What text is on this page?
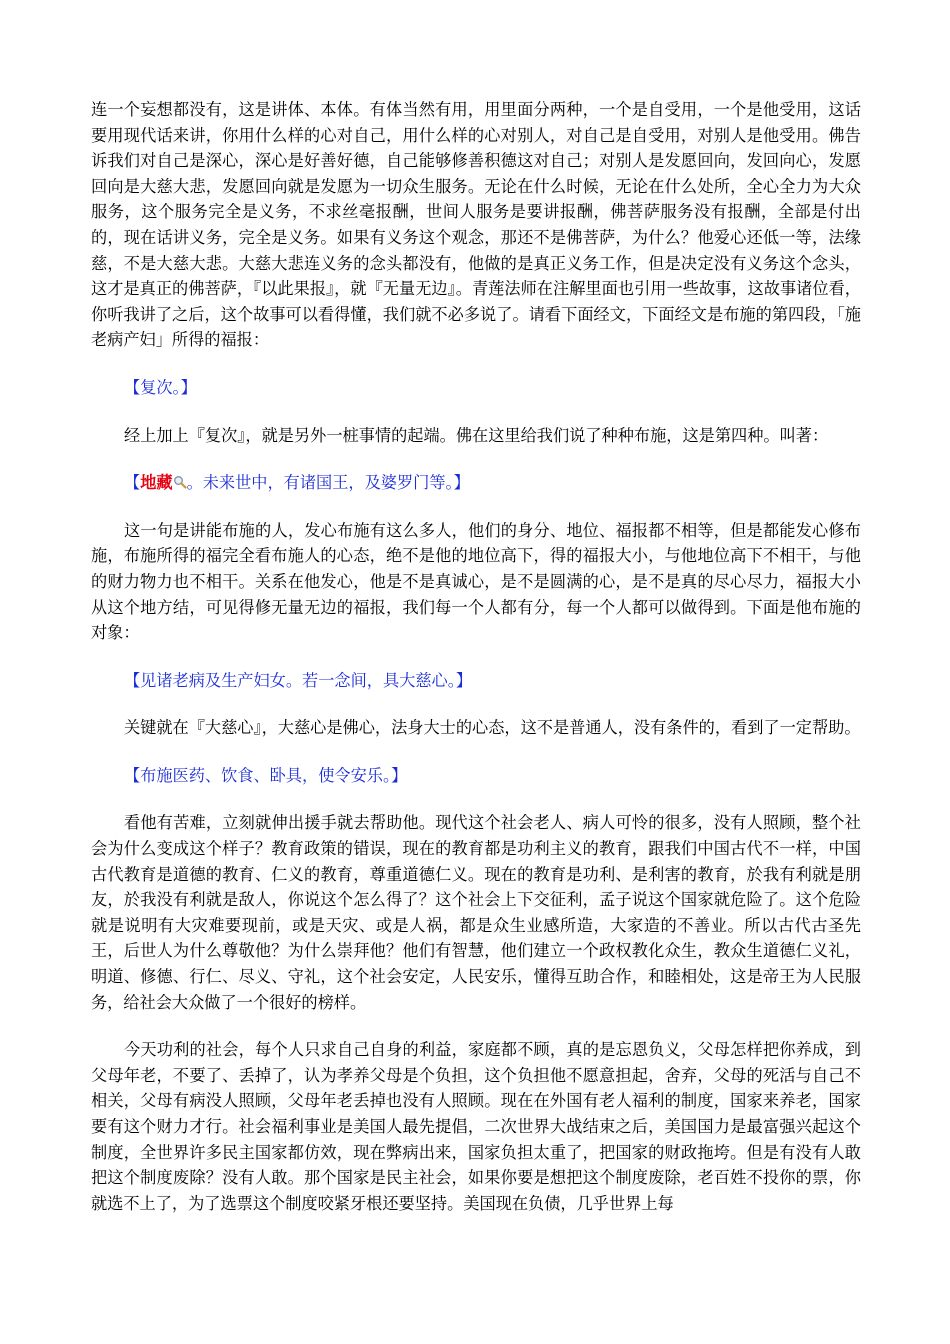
连一个妄想都没有，这是讲体、本体。有体当然有用，用里面分两种，一个是自受用，一个是他受用，这话要用现代话来讲，你用什么样的心对自己，用什么样的心对别人，对自己是自受用，对别人是他受用。佛告诉我们对自己是深心，深心是好善好德，自己能够修善积德这对自己；对别人是发愿回向，发回向心，发愿回向是大慈大悲，发愿回向就是发愿为一切众生服务。无论在什么时候，无论在什么处所，全心全力为大众服务，这个服务完全是义务，不求丝毫报酬，世间人服务是要讲报酬，佛菩萨服务没有报酬，全部是付出的，现在话讲义务，完全是义务。如果有义务这个观念，那还不是佛菩萨，为什么？他爱心还低一等，法缘慈，不是大慈大悲。大慈大悲连义务的念头都没有，他做的是真正义务工作，但是决定没有义务这个念头，这才是真正的佛菩萨，『以此果报』，就『无量无边』。青莲法师在注解里面也引用一些故事，这故事诸位看，你听我讲了之后，这个故事可以看得懂，我们就不必多说了。请看下面经文，下面经文是布施的第四段，「施老病产妇」所得的福报：

【复次。】

经上加上『复次』，就是另外一桩事情的起端。佛在这里给我们说了种种布施，这是第四种。叫著：

【地藏 。未来世中，有诸国王，及婆罗门等。】

这一句是讲能布施的人，发心布施有这么多人，他们的身分、地位、福报都不相等，但是都能发心修布施，布施所得的福完全看布施人的心态，绝不是他的地位高下，得的福报大小，与他地位高下不相干，与他的财力物力也不相干。关系在他发心，他是不是真诚心，是不是圆满的心，是不是真的尽心尽力，福报大小从这个地方结，可见得修无量无边的福报，我们每一个人都有分，每一个人都可以做得到。下面是他布施的对象：

【见诸老病及生产妇女。若一念间，具大慈心。】

关键就在『大慈心』，大慈心是佛心，法身大士的心态，这不是普通人，没有条件的，看到了一定帮助。

【布施医药、饮食、卧具，使令安乐。】

看他有苦难，立刻就伸出援手就去帮助他。现代这个社会老人、病人可怜的很多，没有人照顾，整个社会为什么变成这个样子？教育政策的错误，现在的教育都是功利主义的教育，跟我们中国古代不一样，中国古代教育是道德的教育、仁义的教育，尊重道德仁义。现在的教育是功利、是利害的教育，於我有利就是朋友，於我没有利就是敌人，你说这个怎么得了？这个社会上下交征利，孟子说这个国家就危险了。这个危险就是说明有大灾难要现前，或是天灾、或是人祸，都是众生业感所造，大家造的不善业。所以古代古圣先王，后世人为什么尊敬他？为什么崇拜他？他们有智慧，他们建立一个政权教化众生，教众生道德仁义礼，明道、修德、行仁、尽义、守礼，这个社会安定，人民安乐，懂得互助合作，和睦相处，这是帝王为人民服务，给社会大众做了一个很好的榜样。

今天功利的社会，每个人只求自己自身的利益，家庭都不顾，真的是忘恩负义，父母怎样把你养成，到父母年老，不要了、丢掉了，认为孝养父母是个负担，这个负担他不愿意担起，舍弃，父母的死活与自己不相关，父母有病没人照顾，父母年老丢掉也没有人照顾。现在在外国有老人福利的制度，国家来养老，国家要有这个财力才行。社会福利事业是美国人最先提倡，二次世界大战结束之后，美国国力是最富强兴起这个制度，全世界许多民主国家都仿效，现在弊病出来，国家负担太重了，把国家的财政拖垮。但是有没有人敢把这个制度废除？没有人敢。那个国家是民主社会，如果你要是想把这个制度废除，老百姓不投你的票，你就选不上了，为了选票这个制度咬紧牙根还要坚持。美国现在负债，几乎世界上每
